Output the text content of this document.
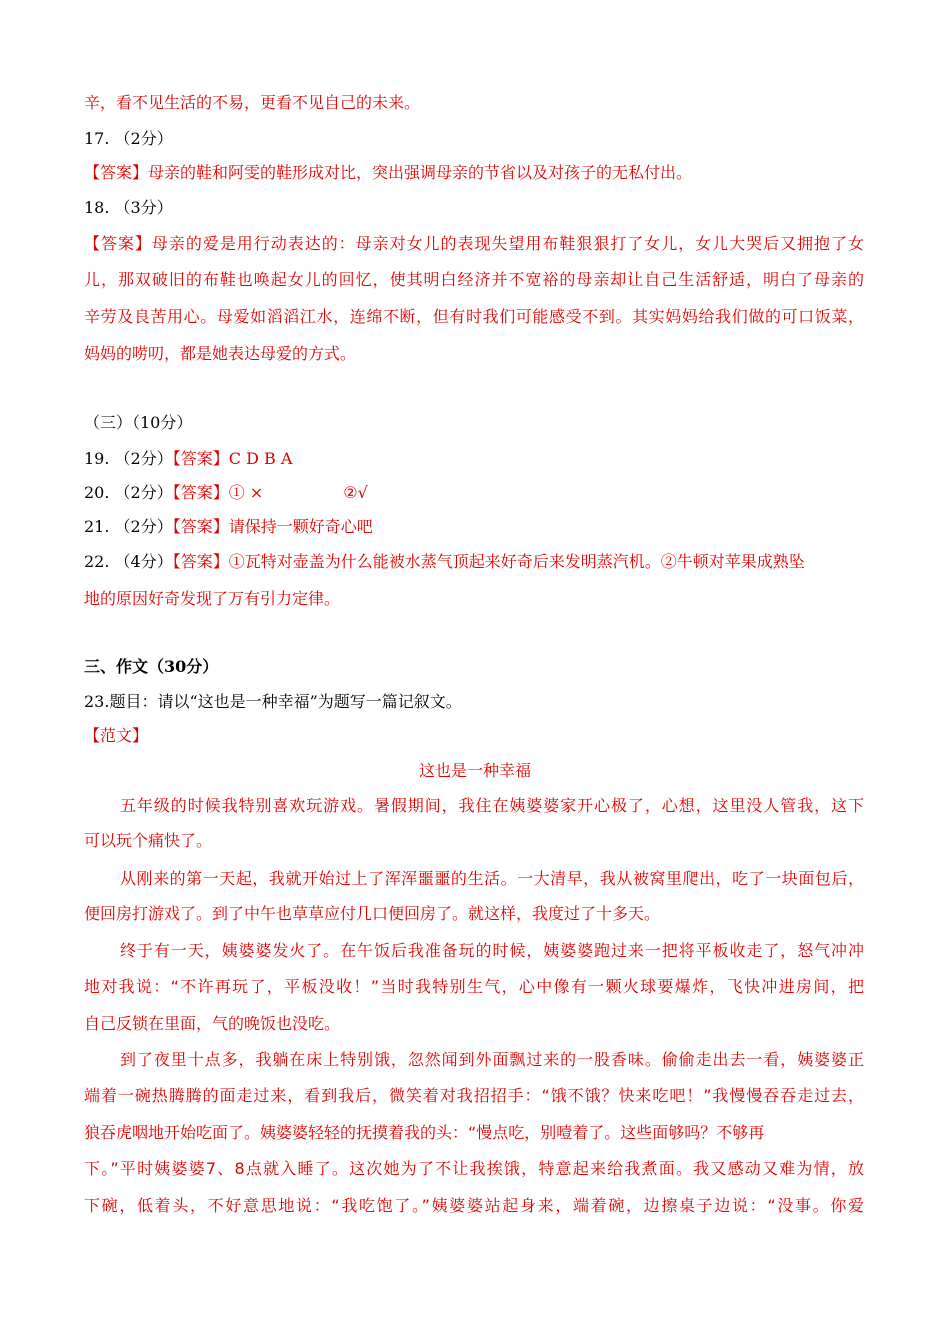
辛，看不见生活的不易，更看不见自己的未来。
17. （2分）
【答案】母亲的鞋和阿雯的鞋形成对比，突出强调母亲的节省以及对孩子的无私付出。
18. （3分）
【答案】母亲的爱是用行动表达的：母亲对女儿的表现失望用布鞋狠狠打了女儿，女儿大哭后又拥抱了女
儿，那双破旧的布鞋也唤起女儿的回忆，使其明白经济并不宽裕的母亲却让自己生活舒适，明白了母亲的
辛劳及良苦用心。母爱如滔滔江水，连绵不断，但有时我们可能感受不到。其实妈妈给我们做的可口饭菜，
妈妈的唠叨，都是她表达母爱的方式。
（三）（10分）
19. （2分）【答案】C D B A
20. （2分）【答案】① ×	②√
21. （2分）【答案】请保持一颗好奇心吧
22. （4分）【答案】①瓦特对壶盖为什么能被水蒸气顶起来好奇后来发明蒸汽机。②牛顿对苹果成熟坠
地的原因好奇发现了万有引力定律。
三、作文（30分）
23.题目：请以“这也是一种幸福”为题写一篇记叙文。
【范文】
这也是一种幸福
五年级的时候我特别喜欢玩游戏。暑假期间，我住在姨婆婆家开心极了，心想，这里没人管我，这下
可以玩个痛快了。
从刚来的第一天起，我就开始过上了浑浑噩噩的生活。一大清早，我从被窝里爬出，吃了一块面包后，
便回房打游戏了。到了中午也草草应付几口便回房了。就这样，我度过了十多天。
终于有一天，姨婆婆发火了。在午饭后我准备玩的时候，姨婆婆跑过来一把将平板收走了，怒气冲冲
地对我说：“不许再玩了，平板没收！”当时我特别生气，心中像有一颗火球要爆炸，飞快冲进房间，把
自己反锁在里面，气的晚饭也没吃。
到了夜里十点多，我躺在床上特别饿，忽然闻到外面飘过来的一股香味。偷偷走出去一看，姨婆婆正
端着一碗热腾腾的面走过来，看到我后，微笑着对我招招手：“饿不饿？快来吃吧！”我慢慢吞吞走过去，
狼吞虎咽地开始吃面了。姨婆婆轻轻的抚摸着我的头：“慢点吃，别噎着了。这些面够吗？不够再
下。”平时姨婆婆7、8点就入睡了。这次她为了不让我挨饿，特意起来给我煮面。我又感动又难为情，放
下碗，低着头，不好意思地说：“我吃饱了。”姨婆婆站起身来，端着碗，边擦桌子边说：“没事。你爱
